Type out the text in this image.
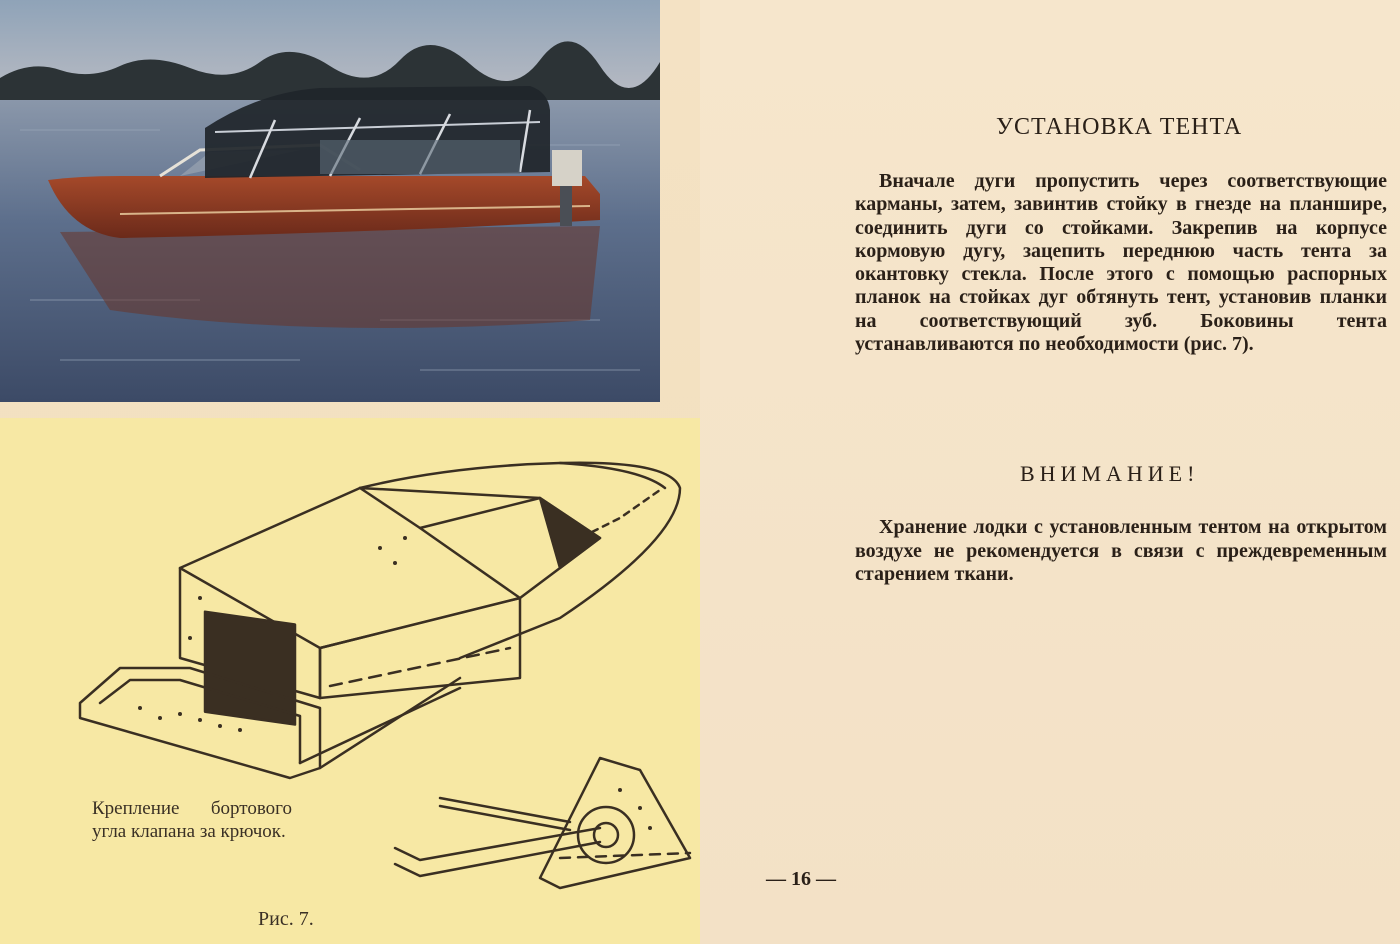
Крепление бортового угла клапана за крючок.
Рис. 7.
— 16 —
УСТАНОВКА ТЕНТА

Вначале дуги пропустить через соответствующие карманы, затем, завинтив стойку в гнезде на планшире, соединить дуги со стойками. Закрепив на корпусе кормовую дугу, зацепить переднюю часть тента за окантовку стекла. После этого с помощью распорных планок на стойках дуг обтянуть тент, установив планки на соответствующий зуб. Боковины тента устанавливаются по необходимости (рис. 7).

ВНИМАНИЕ!

Хранение лодки с установленным тентом на открытом воздухе не рекомендуется в связи с преждевременным старением ткани.
